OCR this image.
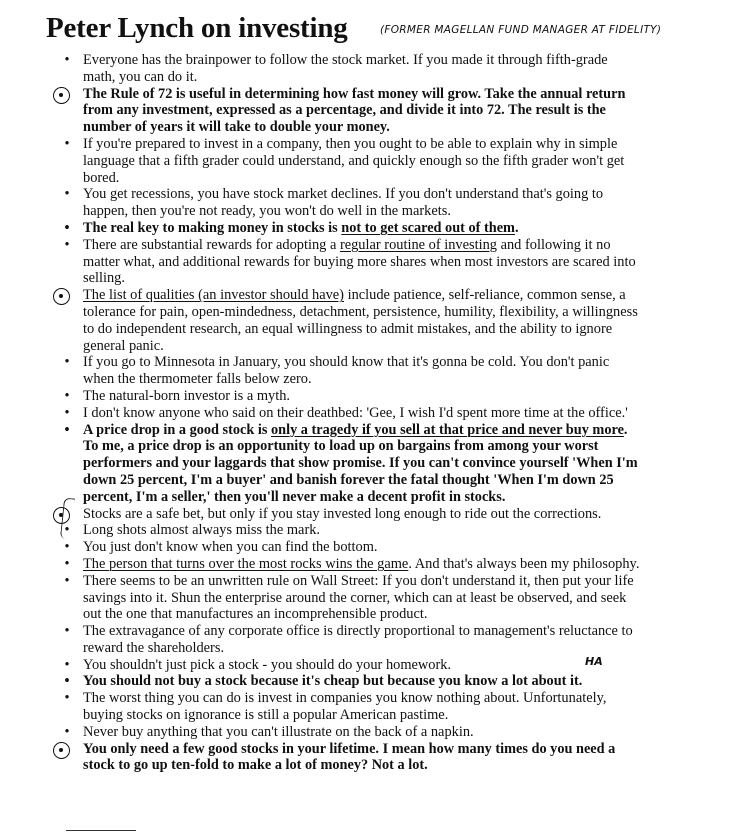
Peter Lynch on investing	(FORMER MAGELLAN FUND MANAGER AT FIDELITY)
• Everyone has the brainpower to follow the stock market. If you made it through fifth-grade math, you can do it.
The Rule of 72 is useful in determining how fast money will grow. Take the annual return from any investment, expressed as a percentage, and divide it into 72. The result is the number of years it will take to double your money.
• If you're prepared to invest in a company, then you ought to be able to explain why in simple language that a fifth grader could understand, and quickly enough so the fifth grader won't get bored.
• You get recessions, you have stock market declines. If you don't understand that's going to happen, then you're not ready, you won't do well in the markets.
• The real key to making money in stocks is not to get scared out of them.
• There are substantial rewards for adopting a regular routine of investing and following it no matter what, and additional rewards for buying more shares when most investors are scared into selling.
The list of qualities (an investor should have) include patience, self-reliance, common sense, a tolerance for pain, open-mindedness, detachment, persistence, humility, flexibility, a willingness to do independent research, an equal willingness to admit mistakes, and the ability to ignore general panic.
• If you go to Minnesota in January, you should know that it's gonna be cold. You don't panic when the thermometer falls below zero.
• The natural-born investor is a myth.
• I don't know anyone who said on their deathbed: 'Gee, I wish I'd spent more time at the office.'
• A price drop in a good stock is only a tragedy if you sell at that price and never buy more. To me, a price drop is an opportunity to load up on bargains from among your worst performers and your laggards that show promise. If you can't convince yourself 'When I'm down 25 percent, I'm a buyer' and banish forever the fatal thought 'When I'm down 25 percent, I'm a seller,' then you'll never make a decent profit in stocks.
Stocks are a safe bet, but only if you stay invested long enough to ride out the corrections.
• Long shots almost always miss the mark.
• You just don't know when you can find the bottom.
• The person that turns over the most rocks wins the game. And that's always been my philosophy.
• There seems to be an unwritten rule on Wall Street: If you don't understand it, then put your life savings into it. Shun the enterprise around the corner, which can at least be observed, and seek out the one that manufactures an incomprehensible product.
• The extravagance of any corporate office is directly proportional to management's reluctance to reward the shareholders.
• You shouldn't just pick a stock - you should do your homework.
• You should not buy a stock because it's cheap but because you know a lot about it.
• The worst thing you can do is invest in companies you know nothing about. Unfortunately, buying stocks on ignorance is still a popular American pastime.
• Never buy anything that you can't illustrate on the back of a napkin.
You only need a few good stocks in your lifetime. I mean how many times do you need a stock to go up ten-fold to make a lot of money? Not a lot.
HA
